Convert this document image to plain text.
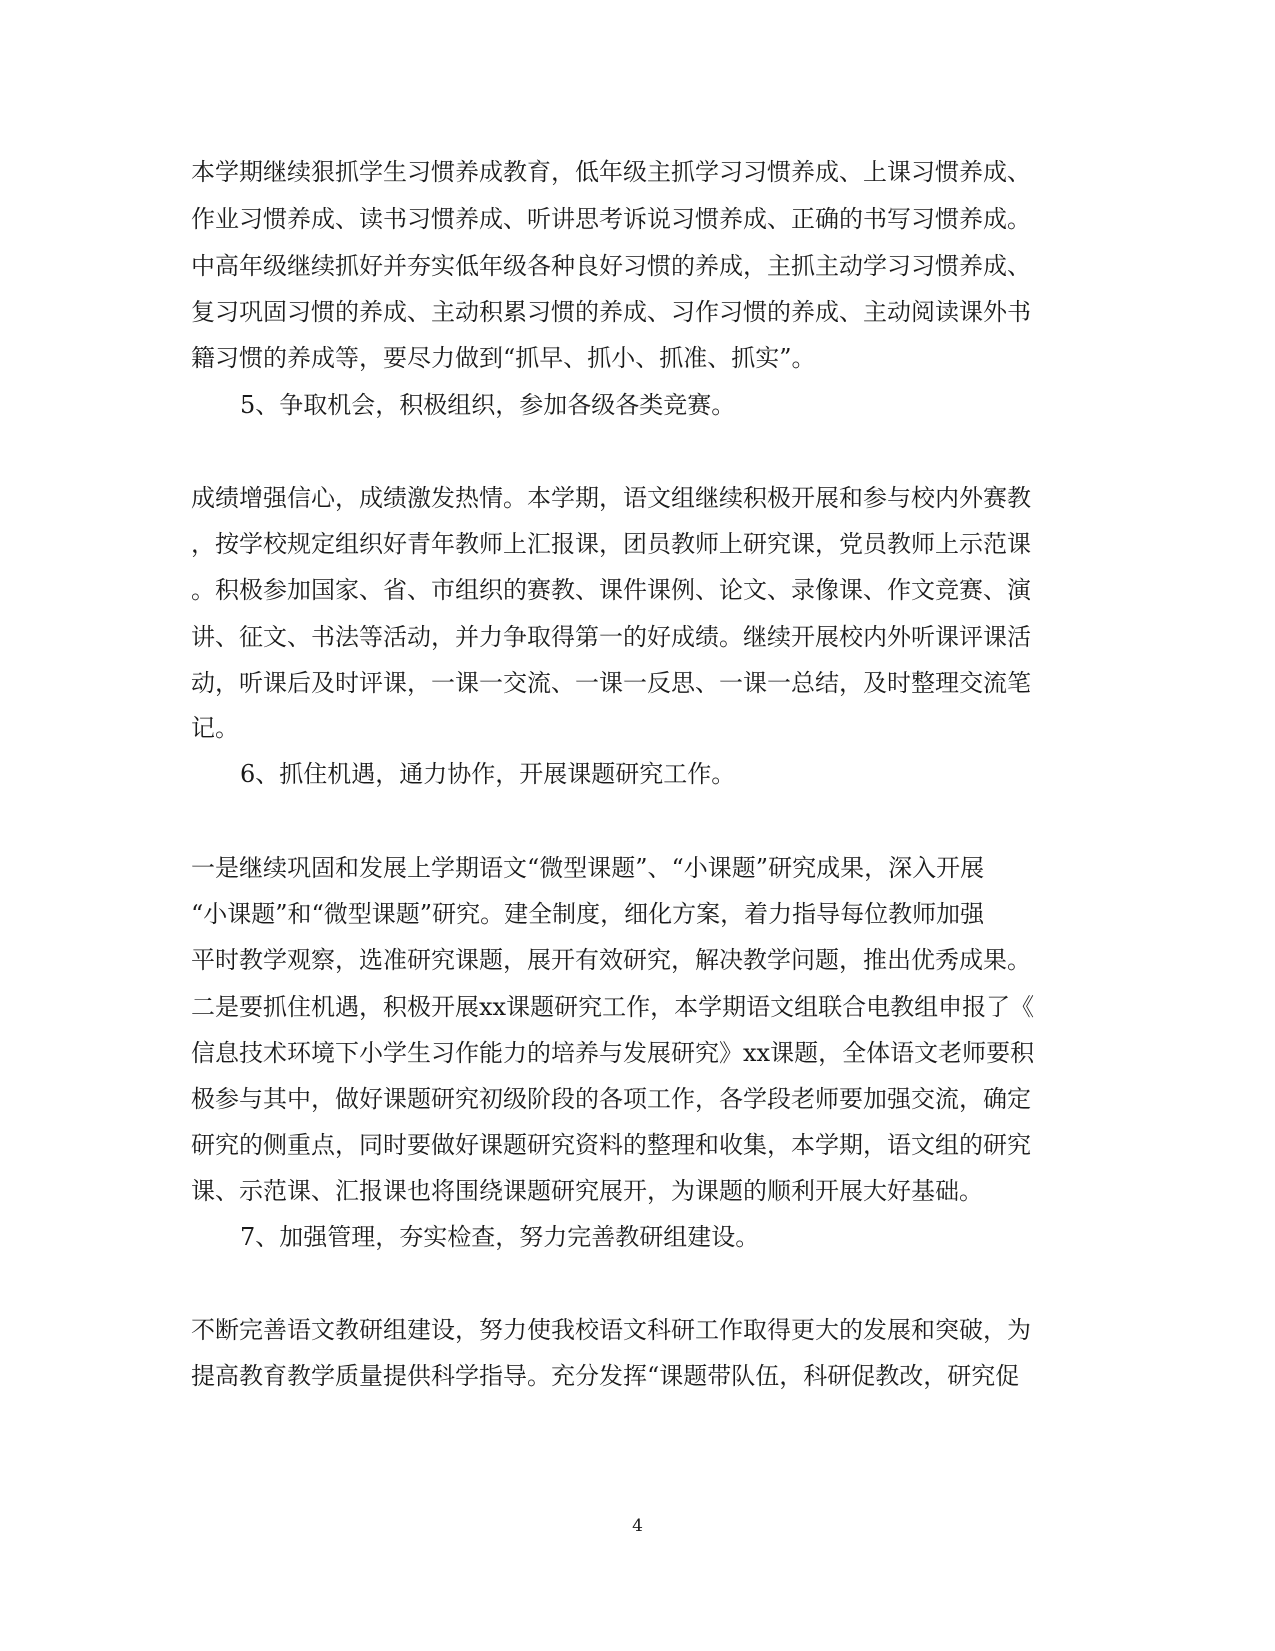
本学期继续狠抓学生习惯养成教育，低年级主抓学习习惯养成、上课习惯养成、
作业习惯养成、读书习惯养成、听讲思考诉说习惯养成、正确的书写习惯养成。
中高年级继续抓好并夯实低年级各种良好习惯的养成，主抓主动学习习惯养成、
复习巩固习惯的养成、主动积累习惯的养成、习作习惯的养成、主动阅读课外书
籍习惯的养成等，要尽力做到“抓早、抓小、抓准、抓实”。
5、争取机会，积极组织，参加各级各类竞赛。
成绩增强信心，成绩激发热情。本学期，语文组继续积极开展和参与校内外赛教
，按学校规定组织好青年教师上汇报课，团员教师上研究课，党员教师上示范课
。积极参加国家、省、市组织的赛教、课件课例、论文、录像课、作文竞赛、演
讲、征文、书法等活动，并力争取得第一的好成绩。继续开展校内外听课评课活
动，听课后及时评课，一课一交流、一课一反思、一课一总结，及时整理交流笔
记。
6、抓住机遇，通力协作，开展课题研究工作。
一是继续巩固和发展上学期语文“微型课题”、“小课题”研究成果，深入开展
“小课题”和“微型课题”研究。建全制度，细化方案，着力指导每位教师加强
平时教学观察，选准研究课题，展开有效研究，解决教学问题，推出优秀成果。
二是要抓住机遇，积极开展xx课题研究工作，本学期语文组联合电教组申报了《
信息技术环境下小学生习作能力的培养与发展研究》xx课题，全体语文老师要积
极参与其中，做好课题研究初级阶段的各项工作，各学段老师要加强交流，确定
研究的侧重点，同时要做好课题研究资料的整理和收集，本学期，语文组的研究
课、示范课、汇报课也将围绕课题研究展开，为课题的顺利开展大好基础。
7、加强管理，夯实检查，努力完善教研组建设。
不断完善语文教研组建设，努力使我校语文科研工作取得更大的发展和突破，为
提高教育教学质量提供科学指导。充分发挥“课题带队伍，科研促教改，研究促
4
